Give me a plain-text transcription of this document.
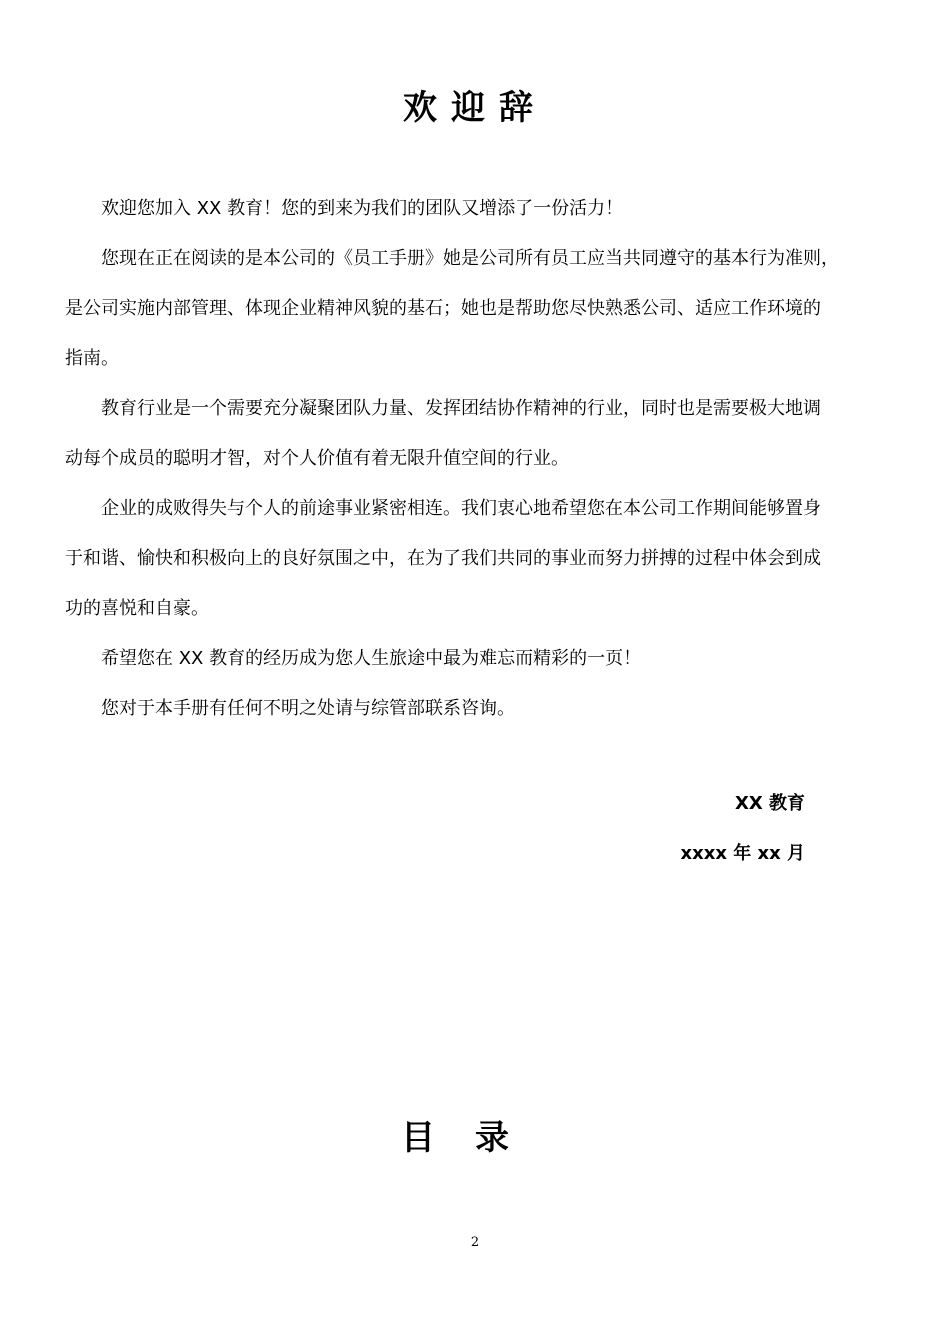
欢迎辞

欢迎您加入 XX 教育！您的到来为我们的团队又增添了一份活力！

您现在正在阅读的是本公司的《员工手册》她是公司所有员工应当共同遵守的基本行为准则，
是公司实施内部管理、体现企业精神风貌的基石；她也是帮助您尽快熟悉公司、适应工作环境的
指南。

教育行业是一个需要充分凝聚团队力量、发挥团结协作精神的行业，同时也是需要极大地调
动每个成员的聪明才智，对个人价值有着无限升值空间的行业。

企业的成败得失与个人的前途事业紧密相连。我们衷心地希望您在本公司工作期间能够置身
于和谐、愉快和积极向上的良好氛围之中，在为了我们共同的事业而努力拼搏的过程中体会到成
功的喜悦和自豪。

希望您在 XX 教育的经历成为您人生旅途中最为难忘而精彩的一页！

您对于本手册有任何不明之处请与综管部联系咨询。

XX 教育
xxxx 年 xx 月
目录
2
